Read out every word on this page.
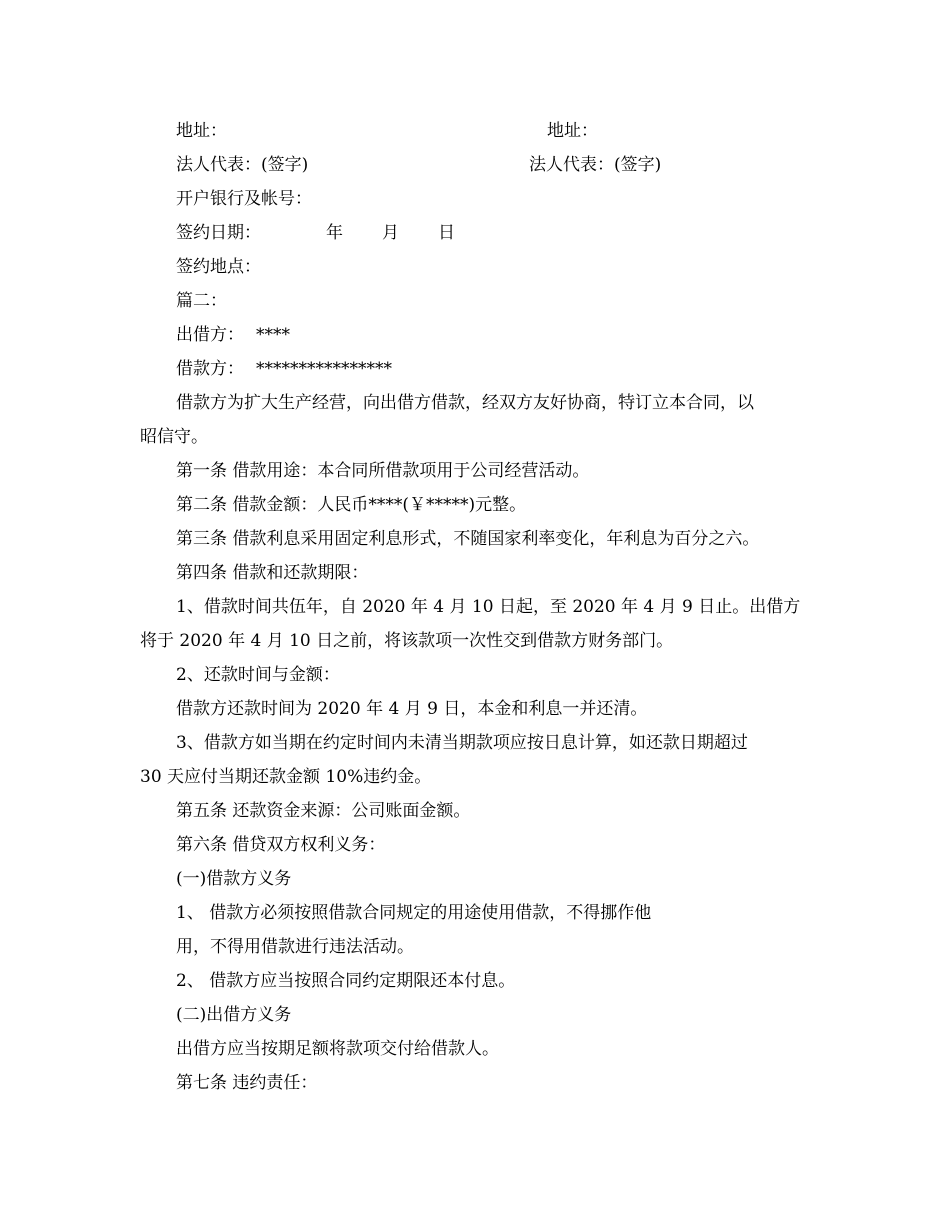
地址：	地址：
法人代表：(签字)	法人代表：(签字)
开户银行及帐号：
签约日期：	年 月 日
签约地点：
篇二：
出借方： ****
借款方： ****************
借款方为扩大生产经营，向出借方借款，经双方友好协商，特订立本合同，以
昭信守。
第一条 借款用途：本合同所借款项用于公司经营活动。
第二条 借款金额：人民币****(￥*****)元整。
第三条 借款利息采用固定利息形式，不随国家利率变化，年利息为百分之六。
第四条 借款和还款期限：
1、借款时间共伍年，自 2020 年 4 月 10 日起，至 2020 年 4 月 9 日止。出借方
将于 2020 年 4 月 10 日之前，将该款项一次性交到借款方财务部门。
2、还款时间与金额：
借款方还款时间为 2020 年 4 月 9 日，本金和利息一并还清。
3、借款方如当期在约定时间内未清当期款项应按日息计算，如还款日期超过
30 天应付当期还款金额 10%违约金。
第五条 还款资金来源：公司账面金额。
第六条 借贷双方权利义务：
(一)借款方义务
1、 借款方必须按照借款合同规定的用途使用借款，不得挪作他
用，不得用借款进行违法活动。
2、 借款方应当按照合同约定期限还本付息。
(二)出借方义务
出借方应当按期足额将款项交付给借款人。
第七条 违约责任：
